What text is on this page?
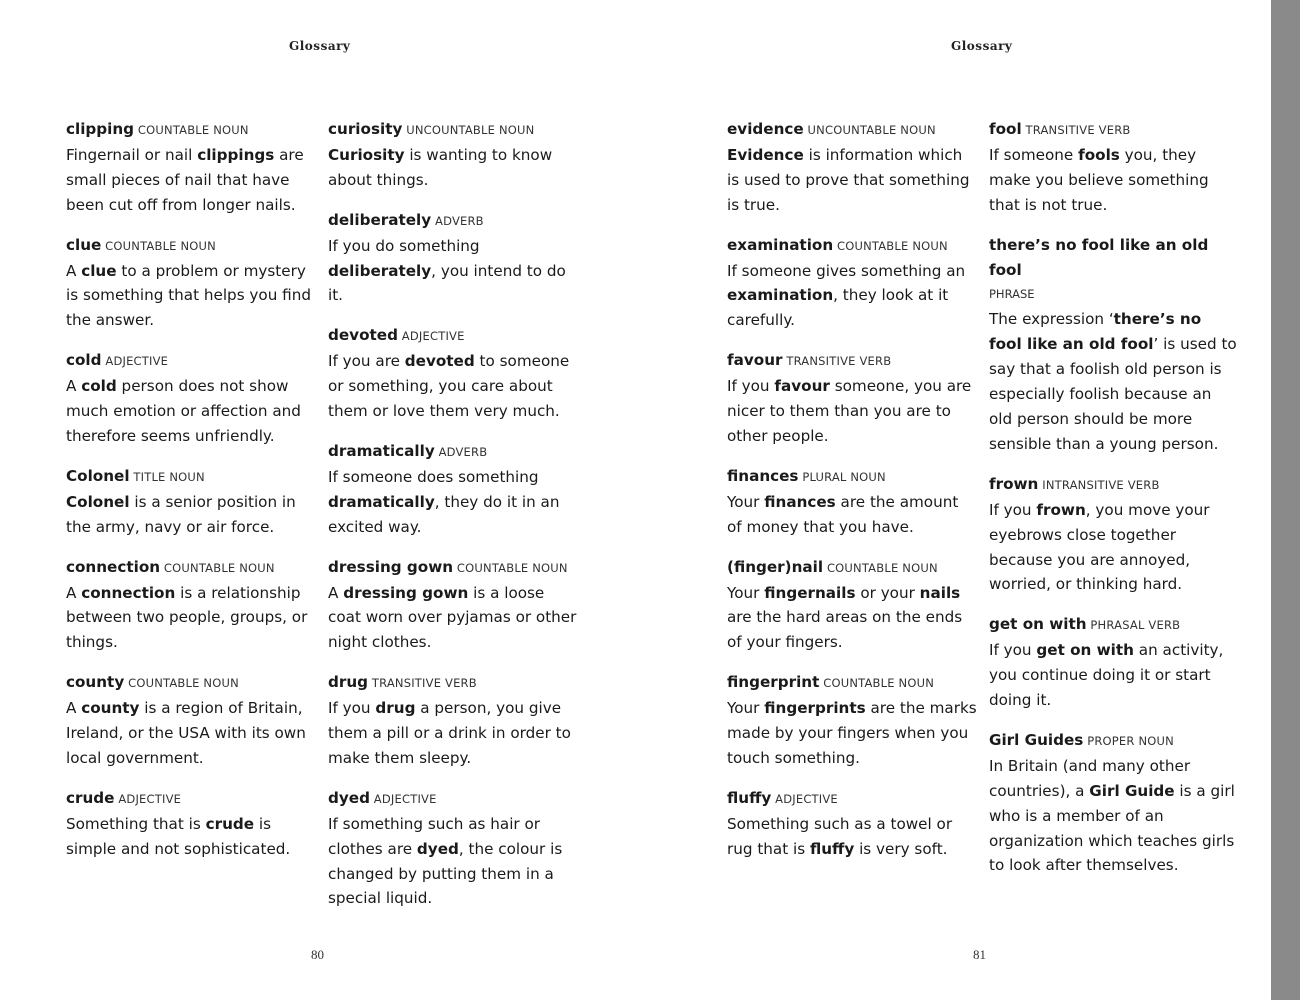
Glossary
clipping COUNTABLE NOUN
Fingernail or nail clippings are small pieces of nail that have been cut off from longer nails.
clue COUNTABLE NOUN
A clue to a problem or mystery is something that helps you find the answer.
cold ADJECTIVE
A cold person does not show much emotion or affection and therefore seems unfriendly.
Colonel TITLE NOUN
Colonel is a senior position in the army, navy or air force.
connection COUNTABLE NOUN
A connection is a relationship between two people, groups, or things.
county COUNTABLE NOUN
A county is a region of Britain, Ireland, or the USA with its own local government.
crude ADJECTIVE
Something that is crude is simple and not sophisticated.
curiosity UNCOUNTABLE NOUN
Curiosity is wanting to know about things.
deliberately ADVERB
If you do something deliberately, you intend to do it.
devoted ADJECTIVE
If you are devoted to someone or something, you care about them or love them very much.
dramatically ADVERB
If someone does something dramatically, they do it in an excited way.
dressing gown COUNTABLE NOUN
A dressing gown is a loose coat worn over pyjamas or other night clothes.
drug TRANSITIVE VERB
If you drug a person, you give them a pill or a drink in order to make them sleepy.
dyed ADJECTIVE
If something such as hair or clothes are dyed, the colour is changed by putting them in a special liquid.
80
Glossary
evidence UNCOUNTABLE NOUN
Evidence is information which is used to prove that something is true.
examination COUNTABLE NOUN
If someone gives something an examination, they look at it carefully.
favour TRANSITIVE VERB
If you favour someone, you are nicer to them than you are to other people.
finances PLURAL NOUN
Your finances are the amount of money that you have.
(finger)nail COUNTABLE NOUN
Your fingernails or your nails are the hard areas on the ends of your fingers.
fingerprint COUNTABLE NOUN
Your fingerprints are the marks made by your fingers when you touch something.
fluffy ADJECTIVE
Something such as a towel or rug that is fluffy is very soft.
fool TRANSITIVE VERB
If someone fools you, they make you believe something that is not true.
there’s no fool like an old fool
PHRASE
The expression ‘there’s no fool like an old fool’ is used to say that a foolish old person is especially foolish because an old person should be more sensible than a young person.
frown INTRANSITIVE VERB
If you frown, you move your eyebrows close together because you are annoyed, worried, or thinking hard.
get on with PHRASAL VERB
If you get on with an activity, you continue doing it or start doing it.
Girl Guides PROPER NOUN
In Britain (and many other countries), a Girl Guide is a girl who is a member of an organization which teaches girls to look after themselves.
81
